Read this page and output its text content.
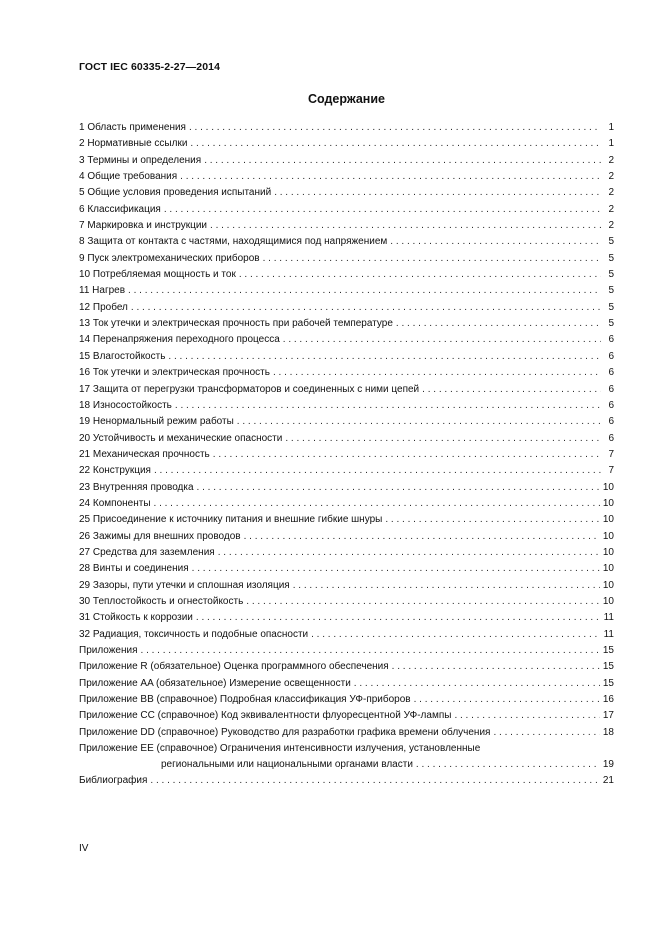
ГОСТ IEC 60335-2-27—2014
Содержание
1 Область применения . . .	1
2 Нормативные ссылки . . .	1
3 Термины и определения . . .	2
4 Общие требования . . .	2
5 Общие условия проведения испытаний . . .	2
6 Классификация . . .	2
7 Маркировка и инструкции . . .	2
8 Защита от контакта с частями, находящимися под напряжением . . .	5
9 Пуск электромеханических приборов . . .	5
10 Потребляемая мощность и ток . . .	5
11 Нагрев . . .	5
12 Пробел . . .	5
13 Ток утечки и электрическая прочность при рабочей температуре . . .	5
14 Перенапряжения переходного процесса . . .	6
15 Влагостойкость . . .	6
16 Ток утечки и электрическая прочность . . .	6
17 Защита от перегрузки трансформаторов и соединенных с ними цепей . . .	6
18 Износостойкость . . .	6
19 Ненормальный режим работы . . .	6
20 Устойчивость и механические опасности . . .	6
21 Механическая прочность . . .	7
22 Конструкция . . .	7
23 Внутренняя проводка . . .	10
24 Компоненты . . .	10
25 Присоединение к источнику питания и внешние гибкие шнуры . . .	10
26 Зажимы для внешних проводов . . .	10
27 Средства для заземления . . .	10
28 Винты и соединения . . .	10
29 Зазоры, пути утечки и сплошная изоляция . . .	10
30 Теплостойкость и огнестойкость . . .	10
31 Стойкость к коррозии . . .	11
32 Радиация, токсичность и подобные опасности . . .	11
Приложения . . .	15
Приложение R (обязательное) Оценка программного обеспечения . . .	15
Приложение AA (обязательное) Измерение освещенности . . .	15
Приложение BB (справочное) Подробная классификация УФ-приборов . . .	16
Приложение CC (справочное) Код эквивалентности флуоресцентной УФ-лампы . . .	17
Приложение DD (справочное) Руководство для разработки графика времени облучения . . .	18
Приложение EE (справочное) Ограничения интенсивности излучения, установленные
региональными или национальными органами власти . . .	19
Библиография . . .	21
IV
